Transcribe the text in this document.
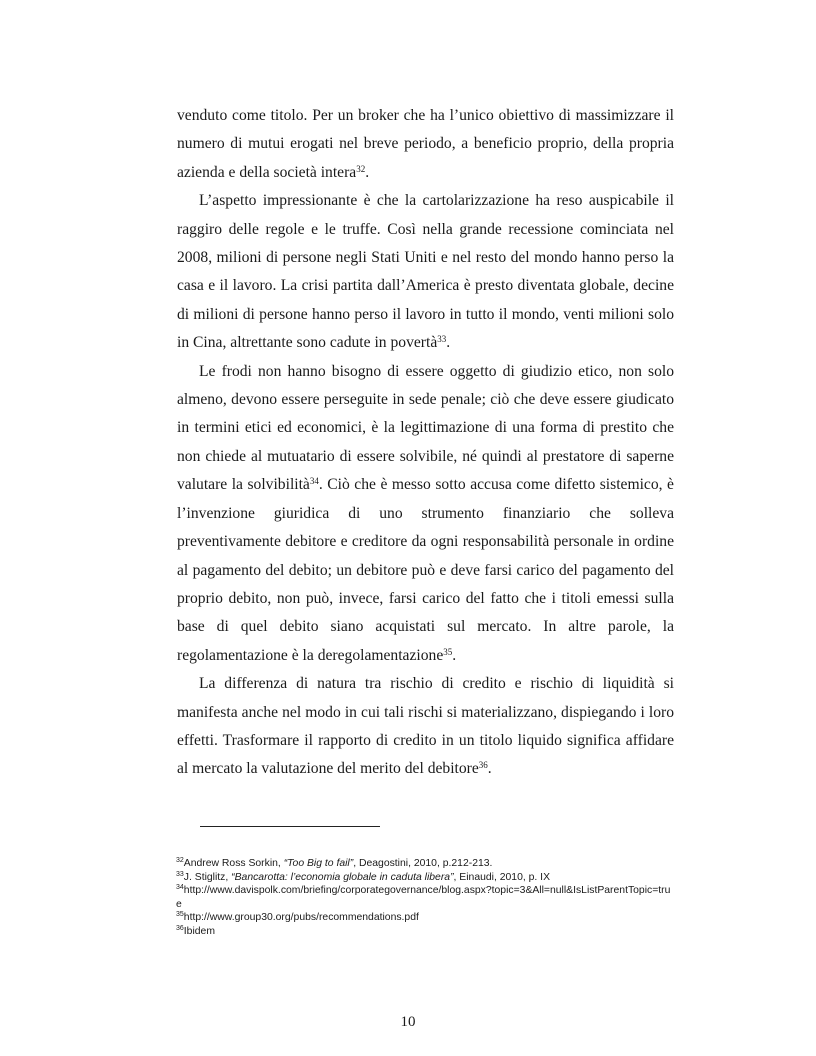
venduto come titolo. Per un broker che ha l’unico obiettivo di massimizzare il numero di mutui erogati nel breve periodo, a beneficio proprio, della propria azienda e della società intera$^{32}$.

L’aspetto impressionante è che la cartolarizzazione ha reso auspicabile il raggiro delle regole e le truffe. Così nella grande recessione cominciata nel 2008, milioni di persone negli Stati Uniti e nel resto del mondo hanno perso la casa e il lavoro. La crisi partita dall’America è presto diventata globale, decine di milioni di persone hanno perso il lavoro in tutto il mondo, venti milioni solo in Cina, altrettante sono cadute in povertà$^{33}$.

Le frodi non hanno bisogno di essere oggetto di giudizio etico, non solo almeno, devono essere perseguite in sede penale; ciò che deve essere giudicato in termini etici ed economici, è la legittimazione di una forma di prestito che non chiede al mutuatario di essere solvibile, né quindi al prestatore di saperne valutare la solvibilità$^{34}$. Ciò che è messo sotto accusa come difetto sistemico, è l’invenzione giuridica di uno strumento finanziario che solleva preventivamente debitore e creditore da ogni responsabilità personale in ordine al pagamento del debito; un debitore può e deve farsi carico del pagamento del proprio debito, non può, invece, farsi carico del fatto che i titoli emessi sulla base di quel debito siano acquistati sul mercato. In altre parole, la regolamentazione è la deregolamentazione$^{35}$.

La differenza di natura tra rischio di credito e rischio di liquidità si manifesta anche nel modo in cui tali rischi si materializzano, dispiegando i loro effetti. Trasformare il rapporto di credito in un titolo liquido significa affidare al mercato la valutazione del merito del debitore$^{36}$.

$^{32}$Andrew Ross Sorkin, “Too Big to fail”, Deagostini, 2010, p.212-213.

$^{33}$J. Stiglitz, “Bancarotta: l’economia globale in caduta libera”, Einaudi, 2010, p. IX

$^{34}$http://www.davispolk.com/briefing/corporategovernance/blog.aspx?topic=3&All=null&IsListParentTopic=true

$^{35}$http://www.group30.org/pubs/recommendations.pdf

$^{36}$Ibidem

10
